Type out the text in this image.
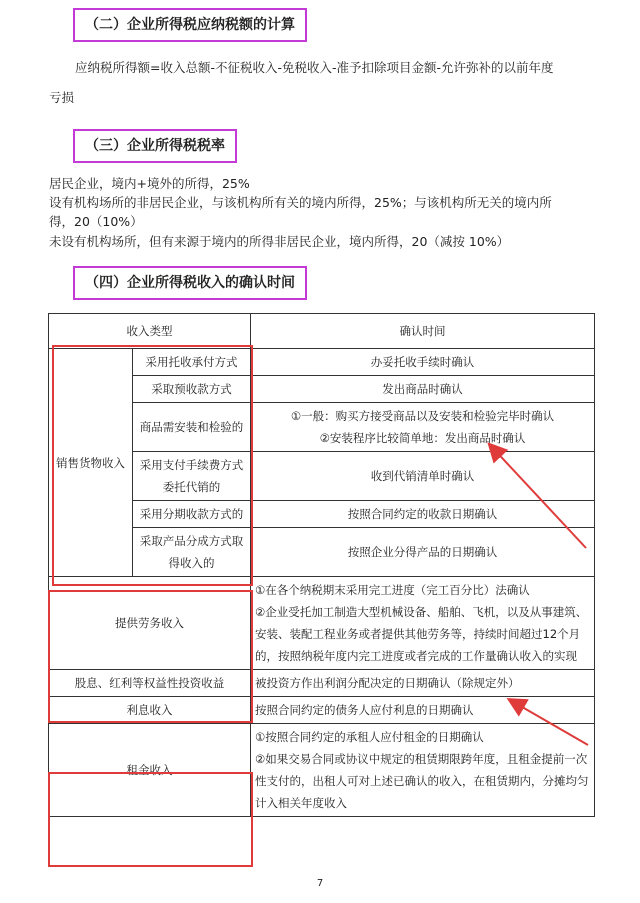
（二）企业所得税应纳税额的计算
应纳税所得额=收入总额-不征税收入-免税收入-准予扣除项目金额-允许弥补的以前年度
亏损
（三）企业所得税税率
居民企业，境内+境外的所得，25%
设有机构场所的非居民企业，与该机构所有关的境内所得，25%；与该机构所无关的境内所
得，20（10%）
未设有机构场所，但有来源于境内的所得非居民企业，境内所得，20（减按 10%）
（四）企业所得税收入的确认时间
收入类型		确认时间
销售货物收入	采用托收承付方式	办妥托收手续时确认
	采取预收款方式	发出商品时确认
	商品需安装和检验的	①一般：购买方接受商品以及安装和检验完毕时确认
②安装程序比较简单地：发出商品时确认

	采用支付手续费方式委托代销的	收到代销清单时确认
	采用分期收款方式的	按照合同约定的收款日期确认
	采取产品分成方式取得收入的	按照企业分得产品的日期确认
提供劳务收入		①在各个纳税期末采用完工进度（完工百分比）法确认
②企业受托加工制造大型机械设备、船舶、飞机，以及从事建筑、安装、装配工程业务或者提供其他劳务等，持续时间超过12个月的，按照纳税年度内完工进度或者完成的工作量确认收入的实现

股息、红利等权益性投资收益		被投资方作出利润分配决定的日期确认（除规定外）
利息收入		按照合同约定的债务人应付利息的日期确认
租金收入		①按照合同约定的承租人应付租金的日期确认
②如果交易合同或协议中规定的租赁期限跨年度，且租金提前一次性支付的，出租人可对上述已确认的收入，在租赁期内，分摊均匀计入相关年度收入
7
